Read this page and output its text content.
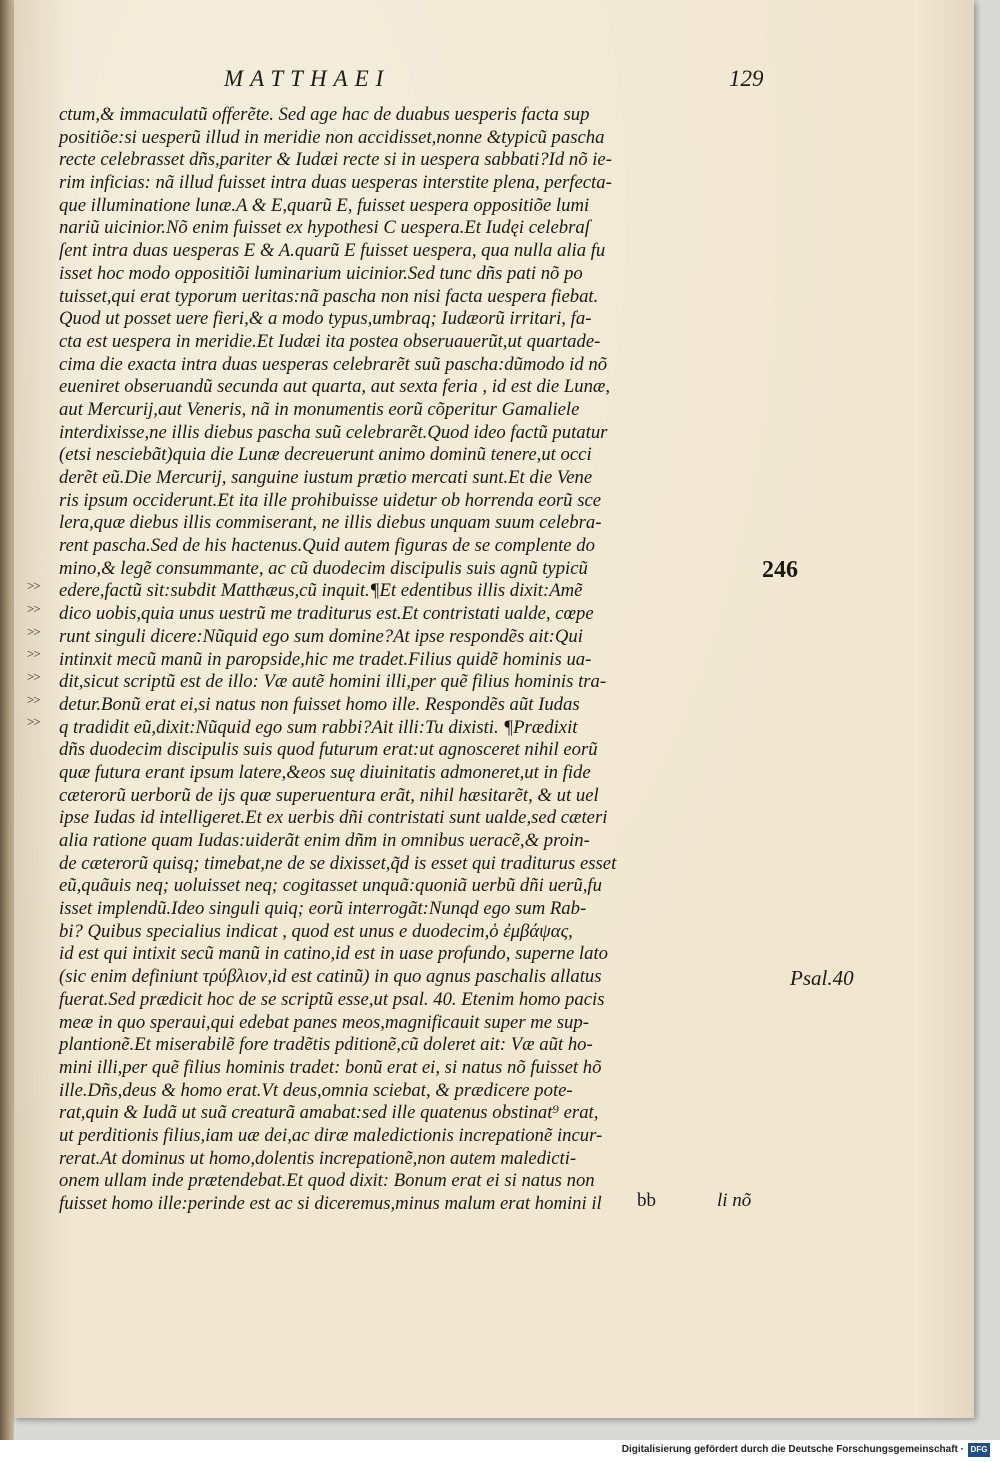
MATTHAEI	129
ctum,& immaculatũ offerẽte. Sed age hac de duabus uesperis facta sup
positiõe:si uesperũ illud in meridie non accidisset,nonne &typicũ pascha
recte celebrasset dñs,pariter & Iudæi recte si in uespera sabbati?Id nõ ie-
rim inficias: nã illud fuisset intra duas uesperas interstite plena, perfecta-
que illuminatione lunæ.A & E,quarũ E, fuisset uespera oppositiõe lumi
nariũ uicinior.Nõ enim fuisset ex hypothesi C uespera.Et Iudęi celebraſ
ſent intra duas uesperas E & A.quarũ E fuisset uespera, qua nulla alia fu
isset hoc modo oppositiõi luminarium uicinior.Sed tunc dñs pati nõ po
tuisset,qui erat typorum ueritas:nã pascha non nisi facta uespera fiebat.
Quod ut posset uere fieri,& a modo typus,umbraq; Iudæorũ irritari, fa-
cta est uespera in meridie.Et Iudæi ita postea obseruauerũt,ut quartade-
cima die exacta intra duas uesperas celebrarẽt suũ pascha:dũmodo id nõ
eueniret obseruandũ secunda aut quarta, aut sexta feria , id est die Lunæ,
aut Mercurij,aut Veneris, nã in monumentis eorũ cõperitur Gamaliele
interdixisse,ne illis diebus pascha suũ celebrarẽt.Quod ideo factũ putatur
(etsi nesciebãt)quia die Lunæ decreuerunt animo dominũ tenere,ut occi
derẽt eũ.Die Mercurij, sanguine iustum prætio mercati sunt.Et die Vene
ris ipsum occiderunt.Et ita ille prohibuisse uidetur ob horrenda eorũ sce
lera,quæ diebus illis commiserant, ne illis diebus unquam suum celebra-
rent pascha.Sed de his hactenus.Quid autem figuras de se complente do
mino,& legẽ consummante, ac cũ duodecim discipulis suis agnũ typicũ
edere,factũ sit:subdit Matthæus,cũ inquit.¶Et edentibus illis dixit:Amẽ
dico uobis,quia unus uestrũ me traditurus est.Et contristati ualde, cœpe
runt singuli dicere:Nũquid ego sum domine?At ipse respondẽs ait:Qui
intinxit mecũ manũ in paropside,hic me tradet.Filius quidẽ hominis ua-
dit,sicut scriptũ est de illo: Væ autẽ homini illi,per quẽ filius hominis tra-
detur.Bonũ erat ei,si natus non fuisset homo ille. Respondẽs aũt Iudas
q tradidit eũ,dixit:Nũquid ego sum rabbi?Ait illi:Tu dixisti. ¶Prædixit
dñs duodecim discipulis suis quod futurum erat:ut agnosceret nihil eorũ
quæ futura erant ipsum latere,&eos suę diuinitatis admoneret,ut in fide
cæterorũ uerborũ de ijs quæ superuentura erãt, nihil hæsitarẽt, & ut uel
ipse Iudas id intelligeret.Et ex uerbis dñi contristati sunt ualde,sed cæteri
alia ratione quam Iudas:uiderãt enim dñm in omnibus ueracẽ,& proin-
de cæterorũ quisq; timebat,ne de se dixisset,q̃d is esset qui traditurus esset
eũ,quãuis neq; uoluisset neq; cogitasset unquã:quoniã uerbũ dñi uerũ,fu
isset implendũ.Ideo singuli quiq; eorũ interrogãt:Nunqd ego sum Rab-
bi? Quibus specialius indicat , quod est unus e duodecim,ὁ ἐμβάψας,
id est qui intixit secũ manũ in catino,id est in uase profundo, superne lato
(sic enim definiunt τρύβλιον,id est catinũ) in quo agnus paschalis allatus
fuerat.Sed prædicit hoc de se scriptũ esse,ut psal. 40. Etenim homo pacis
meæ in quo speraui,qui edebat panes meos,magnificauit super me sup-
plantionẽ.Et miserabilẽ fore tradẽtis pditionẽ,cũ doleret ait: Væ aũt ho-
mini illi,per quẽ filius hominis tradet: bonũ erat ei, si natus nõ fuisset hõ
ille.Dñs,deus & homo erat.Vt deus,omnia sciebat, & prædicere pote-
rat,quin & Iudã ut suã creaturã amabat:sed ille quatenus obstinat⁹ erat,
ut perditionis filius,iam uæ dei,ac diræ maledictionis increpationẽ incur-
rerat.At dominus ut homo,dolentis increpationẽ,non autem maledicti-
onem ullam inde prætendebat.Et quod dixit: Bonum erat ei si natus non
fuisset homo ille:perinde est ac si diceremus,minus malum erat homini il
>>
>>
>>
>>
>>
>>
>>
246
Psal.40
bb	li nõ
Digitalisierung gefördert durch die Deutsche Forschungsgemeinschaft · DFG
